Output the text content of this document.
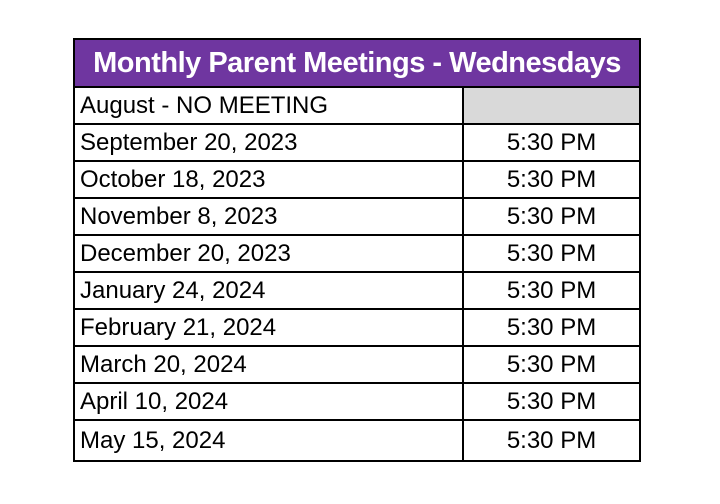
Monthly Parent Meetings - Wednesdays	
August - NO MEETING	
September 20, 2023	5:30 PM
October 18, 2023	5:30 PM
November 8, 2023	5:30 PM
December 20, 2023	5:30 PM
January 24, 2024	5:30 PM
February 21, 2024	5:30 PM
March 20, 2024	5:30 PM
April 10, 2024	5:30 PM
May 15, 2024	5:30 PM
